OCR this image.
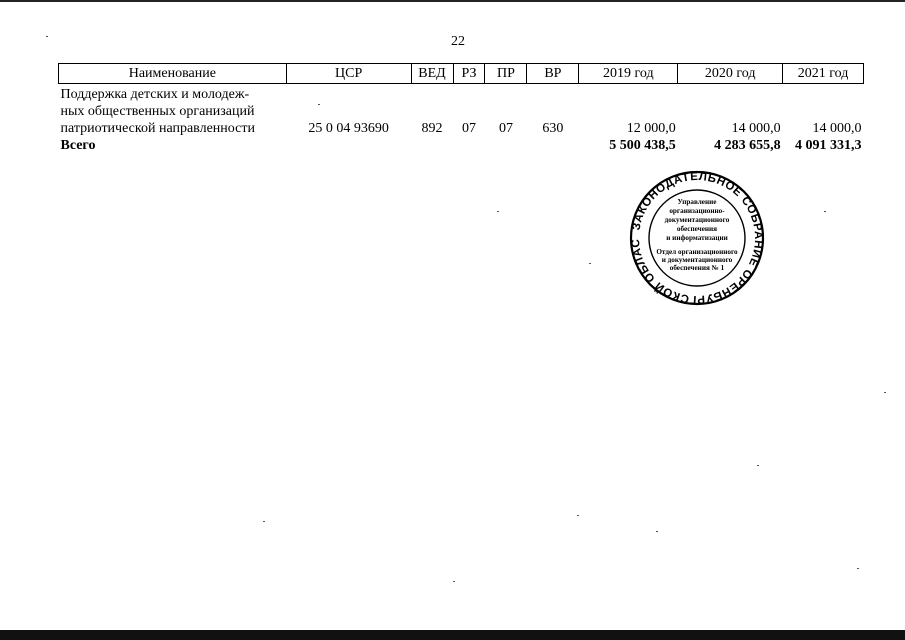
22
Наименование	ЦСР	ВЕД	РЗ	ПР	ВР	2019 год	2020 год	2021 год

Поддержка детских и молодеж-
ных общественных организаций
патриотической направленности	25 0 04 93690	892	07	07	630	12 000,0	14 000,0	14 000,0
Всего						5 500 438,5	4 283 655,8	4 091 331,3
ЗАКОНОДАТЕЛЬНОЕ СОБРАНИЕ ОРЕНБУРГСКОЙ ОБЛАС
Управление
организационно-
документационного
обеспечения
и информатизации
Отдел организационного
и документационного
обеспечения № 1
